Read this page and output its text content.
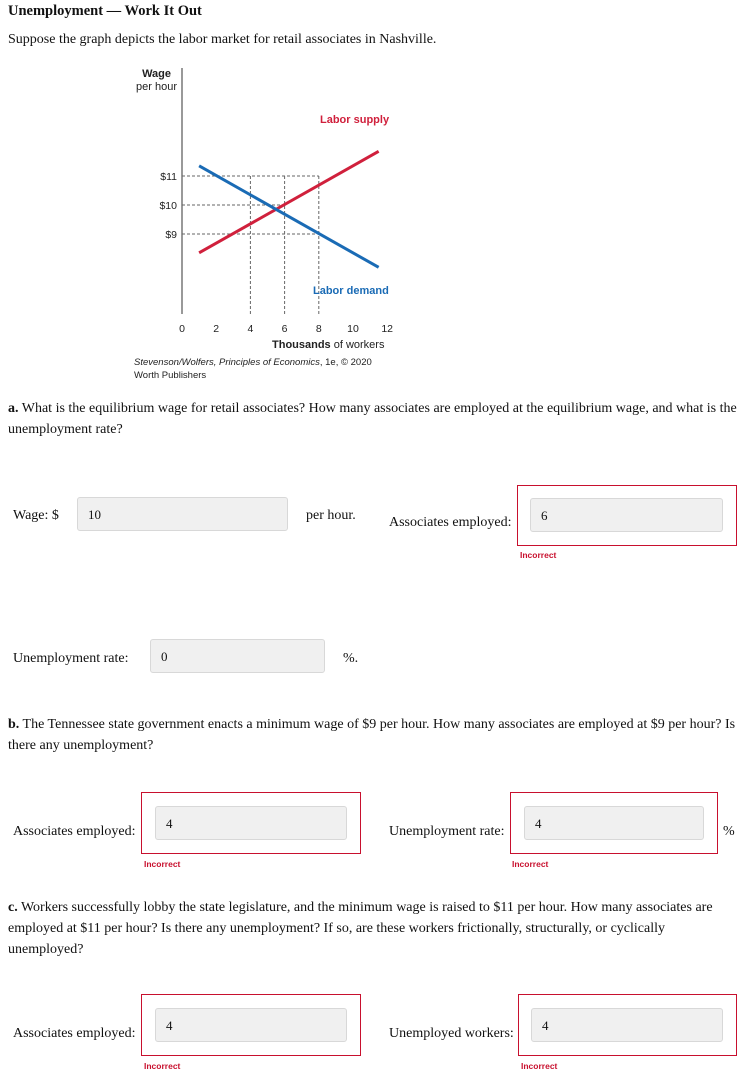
Unemployment — Work It Out
Suppose the graph depicts the labor market for retail associates in Nashville.
Wage
per hour
$11
$10
$9
0	2	4	6	8 10 12
Labor supply
Labor demand
Thousands of workers
Stevenson/Wolfers, Principles of Economics, 1e, © 2020
Worth Publishers
a. What is the equilibrium wage for retail associates? How many associates are employed at the equilibrium wage, and what is the unemployment rate?
Wage: $	10	per hour. Associates employed:	6
Incorrect
Unemployment rate:	0	%.
b. The Tennessee state government enacts a minimum wage of $9 per hour. How many associates are employed at $9 per hour? Is there any unemployment?
Associates employed:
4
Incorrect
Unemployment rate:
4
%
Incorrect
c. Workers successfully lobby the state legislature, and the minimum wage is raised to $11 per hour. How many associates are employed at $11 per hour? Is there any unemployment? If so, are these workers frictionally, structurally, or cyclically unemployed?
Associates employed:
4
Incorrect
Unemployed workers:
4
Incorrect
